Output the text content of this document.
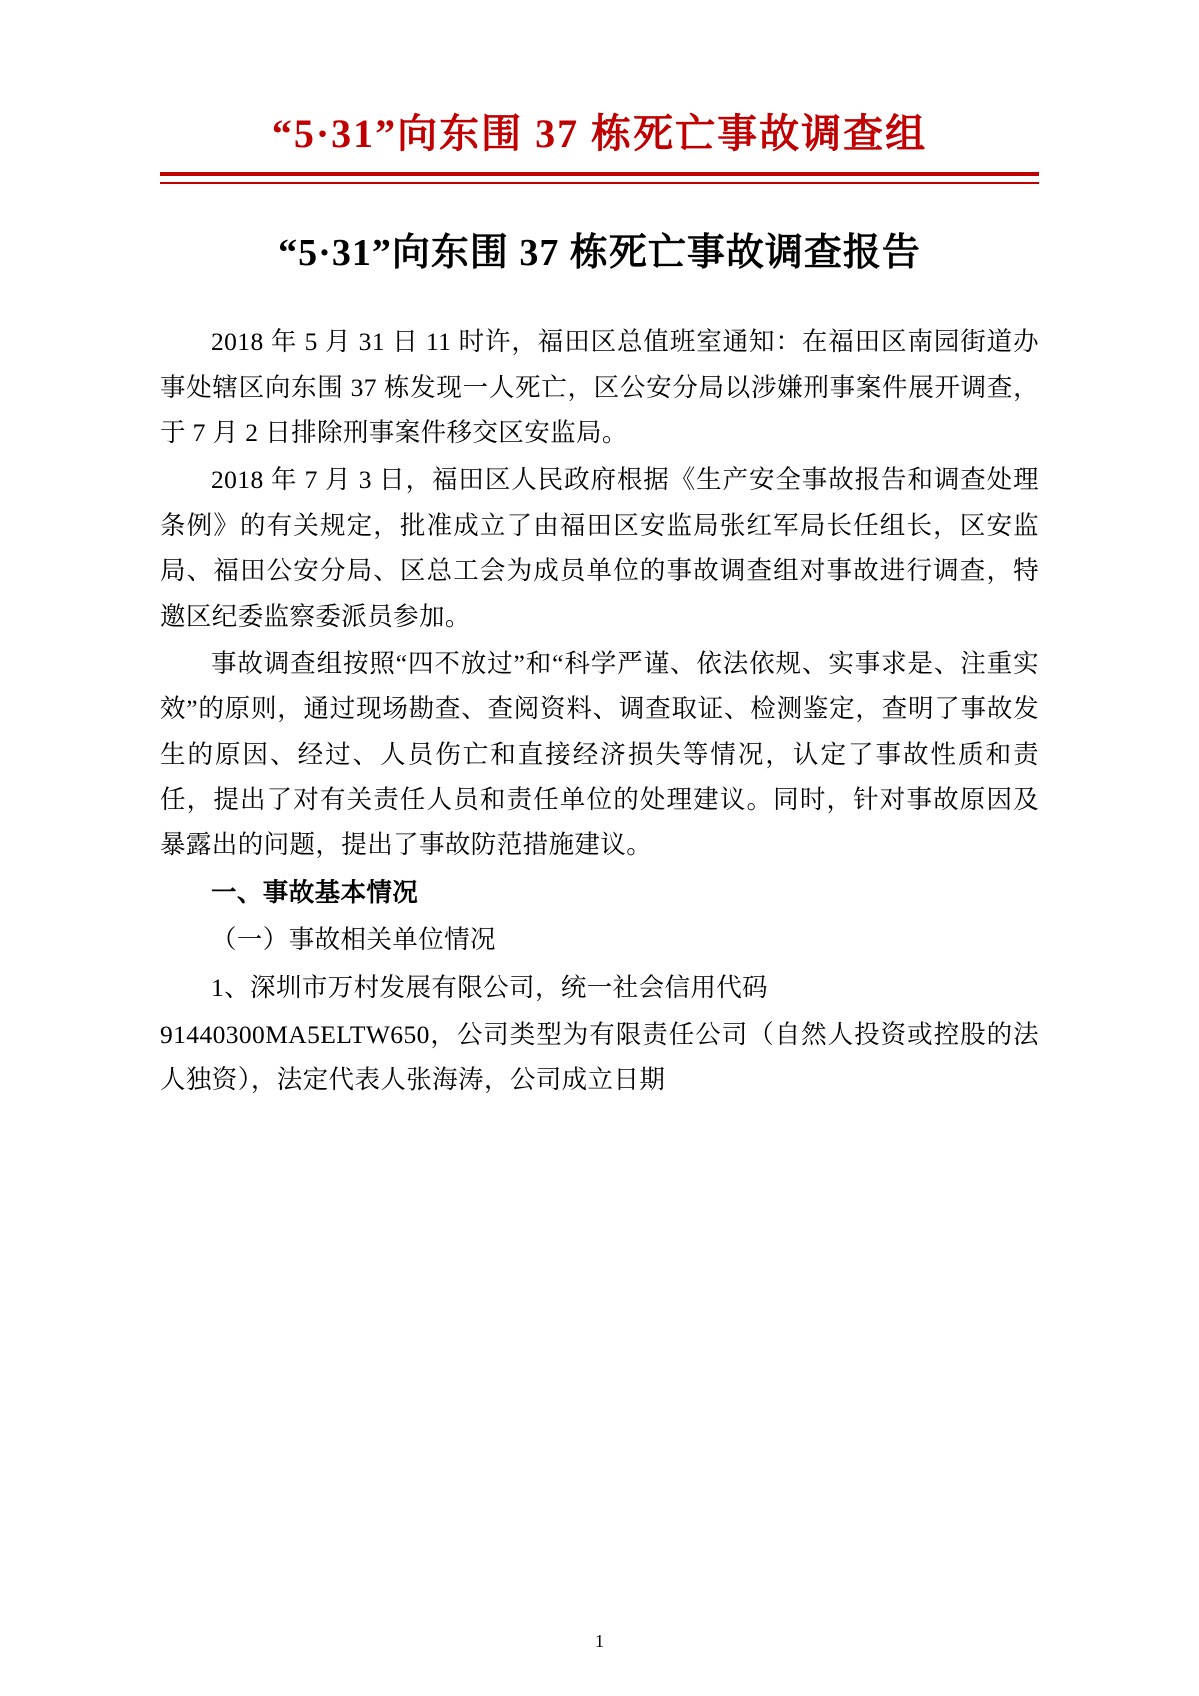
“5·31”向东围 37 栋死亡事故调查组
“5·31”向东围 37 栋死亡事故调查报告

2018 年 5 月 31 日 11 时许，福田区总值班室通知：在福田区南园街道办事处辖区向东围 37 栋发现一人死亡，区公安分局以涉嫌刑事案件展开调查，于 7 月 2 日排除刑事案件移交区安监局。

2018 年 7 月 3 日，福田区人民政府根据《生产安全事故报告和调查处理条例》的有关规定，批准成立了由福田区安监局张红军局长任组长，区安监局、福田公安分局、区总工会为成员单位的事故调查组对事故进行调查，特邀区纪委监察委派员参加。

事故调查组按照“四不放过”和“科学严谨、依法依规、实事求是、注重实效”的原则，通过现场勘查、查阅资料、调查取证、检测鉴定，查明了事故发生的原因、经过、人员伤亡和直接经济损失等情况，认定了事故性质和责任，提出了对有关责任人员和责任单位的处理建议。同时，针对事故原因及暴露出的问题，提出了事故防范措施建议。

一、事故基本情况

（一）事故相关单位情况

1、深圳市万村发展有限公司，统一社会信用代码

91440300MA5ELTW650，公司类型为有限责任公司（自然人投资或控股的法人独资），法定代表人张海涛，公司成立日期

1
